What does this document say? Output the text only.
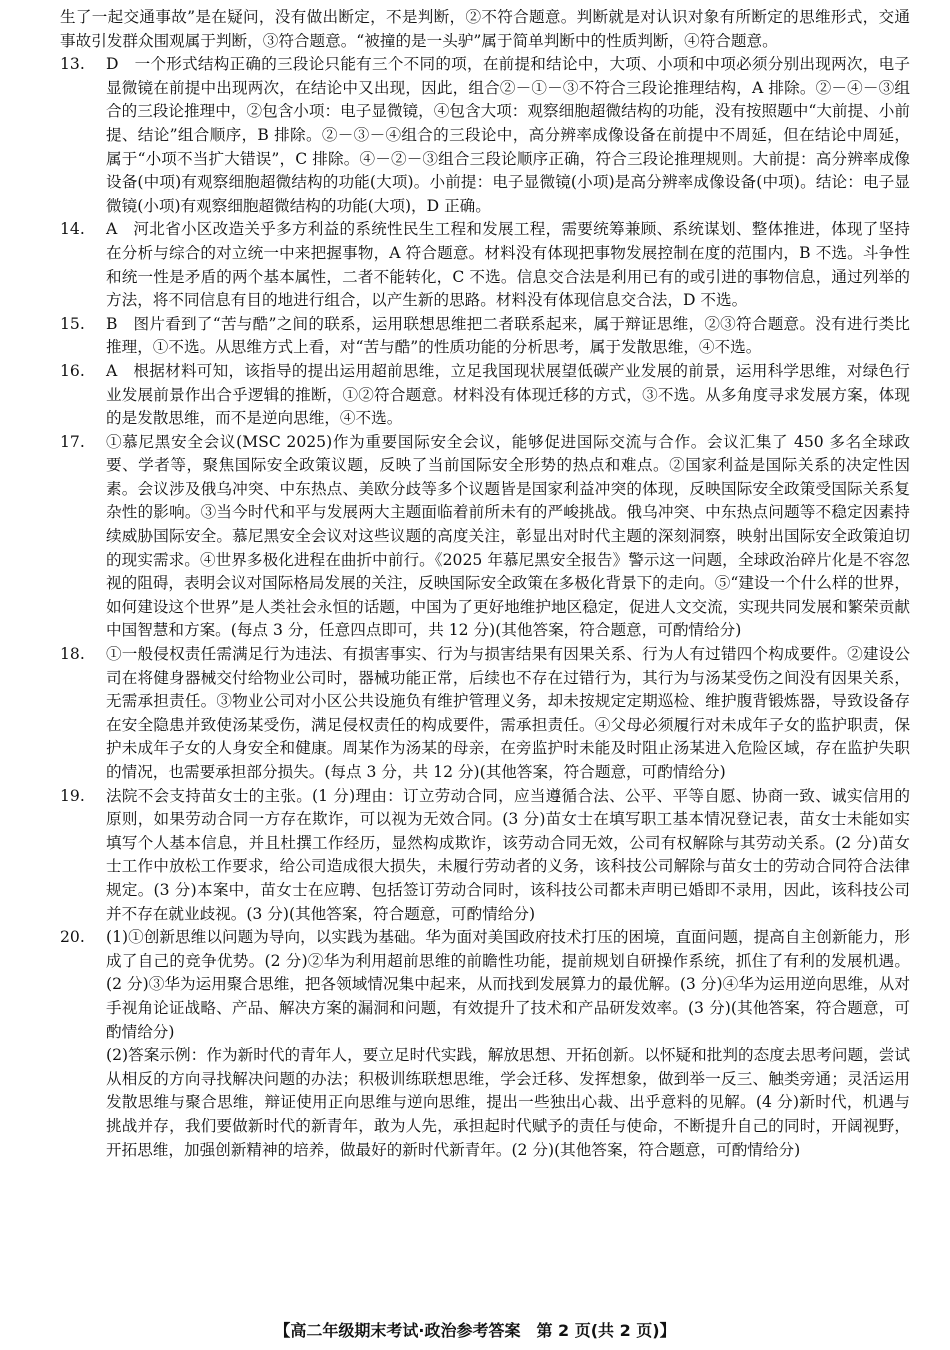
生了一起交通事故”是在疑问，没有做出断定，不是判断，②不符合题意。判断就是对认识对象有所断定的思维形式，交通事故引发群众围观属于判断，③符合题意。“被撞的是一头驴”属于简单判断中的性质判断，④符合题意。

13.	D　一个形式结构正确的三段论只能有三个不同的项，在前提和结论中，大项、小项和中项必须分别出现两次，电子显微镜在前提中出现两次，在结论中又出现，因此，组合②－①－③不符合三段论推理结构，A 排除。②－④－③组合的三段论推理中，②包含小项：电子显微镜，④包含大项：观察细胞超微结构的功能，没有按照题中“大前提、小前提、结论”组合顺序，B 排除。②－③－④组合的三段论中，高分辨率成像设备在前提中不周延，但在结论中周延，属于“小项不当扩大错误”，C 排除。④－②－③组合三段论顺序正确，符合三段论推理规则。大前提：高分辨率成像设备(中项)有观察细胞超微结构的功能(大项)。小前提：电子显微镜(小项)是高分辨率成像设备(中项)。结论：电子显微镜(小项)有观察细胞超微结构的功能(大项)，D 正确。
14.	A　河北省小区改造关乎多方利益的系统性民生工程和发展工程，需要统筹兼顾、系统谋划、整体推进，体现了坚持在分析与综合的对立统一中来把握事物，A 符合题意。材料没有体现把事物发展控制在度的范围内，B 不选。斗争性和统一性是矛盾的两个基本属性，二者不能转化，C 不选。信息交合法是利用已有的或引进的事物信息，通过列举的方法，将不同信息有目的地进行组合，以产生新的思路。材料没有体现信息交合法，D 不选。
15.	B　图片看到了“苦与酷”之间的联系，运用联想思维把二者联系起来，属于辩证思维，②③符合题意。没有进行类比推理，①不选。从思维方式上看，对“苦与酷”的性质功能的分析思考，属于发散思维，④不选。
16.	A　根据材料可知，该指导的提出运用超前思维，立足我国现状展望低碳产业发展的前景，运用科学思维，对绿色行业发展前景作出合乎逻辑的推断，①②符合题意。材料没有体现迁移的方式，③不选。从多角度寻求发展方案，体现的是发散思维，而不是逆向思维，④不选。
17.	①慕尼黑安全会议(MSC 2025)作为重要国际安全会议，能够促进国际交流与合作。会议汇集了 450 多名全球政要、学者等，聚焦国际安全政策议题，反映了当前国际安全形势的热点和难点。②国家利益是国际关系的决定性因素。会议涉及俄乌冲突、中东热点、美欧分歧等多个议题皆是国家利益冲突的体现，反映国际安全政策受国际关系复杂性的影响。③当今时代和平与发展两大主题面临着前所未有的严峻挑战。俄乌冲突、中东热点问题等不稳定因素持续威胁国际安全。慕尼黑安全会议对这些议题的高度关注，彰显出对时代主题的深刻洞察，映射出国际安全政策迫切的现实需求。④世界多极化进程在曲折中前行。《2025 年慕尼黑安全报告》警示这一问题，全球政治碎片化是不容忽视的阻碍，表明会议对国际格局发展的关注，反映国际安全政策在多极化背景下的走向。⑤“建设一个什么样的世界，如何建设这个世界”是人类社会永恒的话题，中国为了更好地维护地区稳定，促进人文交流，实现共同发展和繁荣贡献中国智慧和方案。(每点 3 分，任意四点即可，共 12 分)(其他答案，符合题意，可酌情给分)
18.	①一般侵权责任需满足行为违法、有损害事实、行为与损害结果有因果关系、行为人有过错四个构成要件。②建设公司在将健身器械交付给物业公司时，器械功能正常，后续也不存在过错行为，其行为与汤某受伤之间没有因果关系，无需承担责任。③物业公司对小区公共设施负有维护管理义务，却未按规定定期巡检、维护腹背锻炼器，导致设备存在安全隐患并致使汤某受伤，满足侵权责任的构成要件，需承担责任。④父母必须履行对未成年子女的监护职责，保护未成年子女的人身安全和健康。周某作为汤某的母亲，在旁监护时未能及时阻止汤某进入危险区域，存在监护失职的情况，也需要承担部分损失。(每点 3 分，共 12 分)(其他答案，符合题意，可酌情给分)
19.	法院不会支持苗女士的主张。(1 分)理由：订立劳动合同，应当遵循合法、公平、平等自愿、协商一致、诚实信用的原则，如果劳动合同一方存在欺诈，可以视为无效合同。(3 分)苗女士在填写职工基本情况登记表，苗女士未能如实填写个人基本信息，并且杜撰工作经历，显然构成欺诈，该劳动合同无效，公司有权解除与其劳动关系。(2 分)苗女士工作中放松工作要求，给公司造成很大损失，未履行劳动者的义务，该科技公司解除与苗女士的劳动合同符合法律规定。(3 分)本案中，苗女士在应聘、包括签订劳动合同时，该科技公司都未声明已婚即不录用，因此，该科技公司并不存在就业歧视。(3 分)(其他答案，符合题意，可酌情给分)
20.	(1)①创新思维以问题为导向，以实践为基础。华为面对美国政府技术打压的困境，直面问题，提高自主创新能力，形成了自己的竞争优势。(2 分)②华为利用超前思维的前瞻性功能，提前规划自研操作系统，抓住了有利的发展机遇。(2 分)③华为运用聚合思维，把各领域情况集中起来，从而找到发展算力的最优解。(3 分)④华为运用逆向思维，从对手视角论证战略、产品、解决方案的漏洞和问题，有效提升了技术和产品研发效率。(3 分)(其他答案，符合题意，可酌情给分)

(2)答案示例：作为新时代的青年人，要立足时代实践，解放思想、开拓创新。以怀疑和批判的态度去思考问题，尝试从相反的方向寻找解决问题的办法；积极训练联想思维，学会迁移、发挥想象，做到举一反三、触类旁通；灵活运用发散思维与聚合思维，辩证使用正向思维与逆向思维，提出一些独出心裁、出乎意料的见解。(4 分)新时代，机遇与挑战并存，我们要做新时代的新青年，敢为人先，承担起时代赋予的责任与使命，不断提升自己的同时，开阔视野，开拓思维，加强创新精神的培养，做最好的新时代新青年。(2 分)(其他答案，符合题意，可酌情给分)

【高二年级期末考试·政治参考答案　第 2 页(共 2 页)】
